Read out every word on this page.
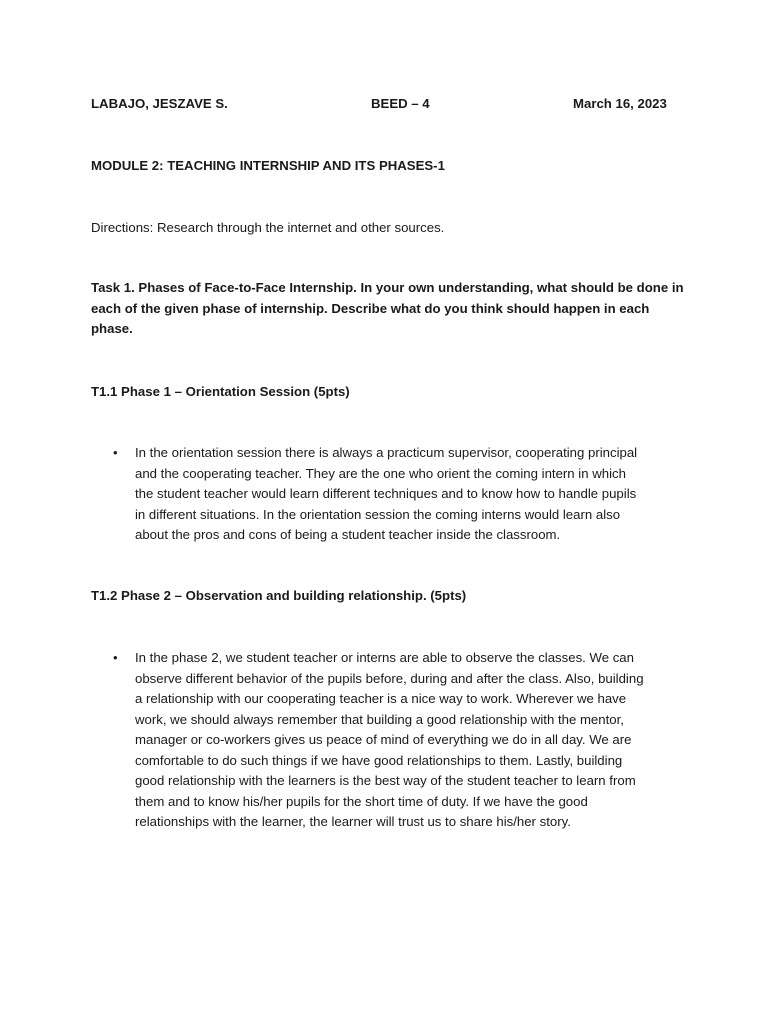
LABAJO, JESZAVE S.	BEED – 4	March 16, 2023
MODULE 2: TEACHING INTERNSHIP AND ITS PHASES-1
Directions: Research through the internet and other sources.
Task 1. Phases of Face-to-Face Internship. In your own understanding, what should be done in
each of the given phase of internship. Describe what do you think should happen in each
phase.
T1.1 Phase 1 – Orientation Session (5pts)
• In the orientation session there is always a practicum supervisor, cooperating principal
and the cooperating teacher. They are the one who orient the coming intern in which
the student teacher would learn different techniques and to know how to handle pupils
in different situations. In the orientation session the coming interns would learn also
about the pros and cons of being a student teacher inside the classroom.
T1.2 Phase 2 – Observation and building relationship. (5pts)
• In the phase 2, we student teacher or interns are able to observe the classes. We can
observe different behavior of the pupils before, during and after the class. Also, building
a relationship with our cooperating teacher is a nice way to work. Wherever we have
work, we should always remember that building a good relationship with the mentor,
manager or co-workers gives us peace of mind of everything we do in all day. We are
comfortable to do such things if we have good relationships to them. Lastly, building
good relationship with the learners is the best way of the student teacher to learn from
them and to know his/her pupils for the short time of duty. If we have the good
relationships with the learner, the learner will trust us to share his/her story.
